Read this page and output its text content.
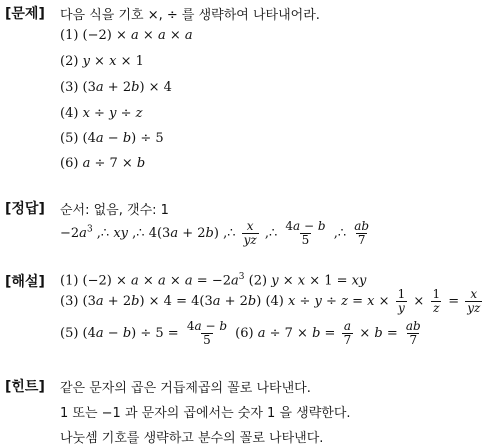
[문제] 다음 식을 기호 ×, ÷ 를 생략하여 나타내어라.
(1) (−2) × a × a × a
(2) y × x × 1
(3) (3a + 2b) × 4
(4) x ÷ y ÷ z
(5) (4a − b) ÷ 5
(6) a ÷ 7 × b
[정답] 순서: 없음, 갯수: 1
$-2a^3$ ,∴ xy ,∴ 4(3a + 2b) ,∴ $\frac{x}{yz}$ ,∴ $\frac{4a - b}{5}$ ,∴ $\frac{ab}{7}$
[해설] (1) $(-2) \times a \times a \times a = -2a^3$ (2) y × x × 1 = xy
(3) (3a + 2b) × 4 = 4(3a + 2b) (4) $x \div y \div z = x \times \frac{1}{y} \times \frac{1}{z} = \frac{x}{yz}$
(5) $(4a - b) \div 5 = \frac{4a - b}{5} (6) a \div 7 \times b = \frac{a}{7} \times b = \frac{ab}{7}$
[힌트] 같은 문자의 곱은 거듭제곱의 꼴로 나타낸다.
1 또는 −1 과 문자의 곱에서는 숫자 1 을 생략한다.
나눗셈 기호를 생략하고 분수의 꼴로 나타낸다.
